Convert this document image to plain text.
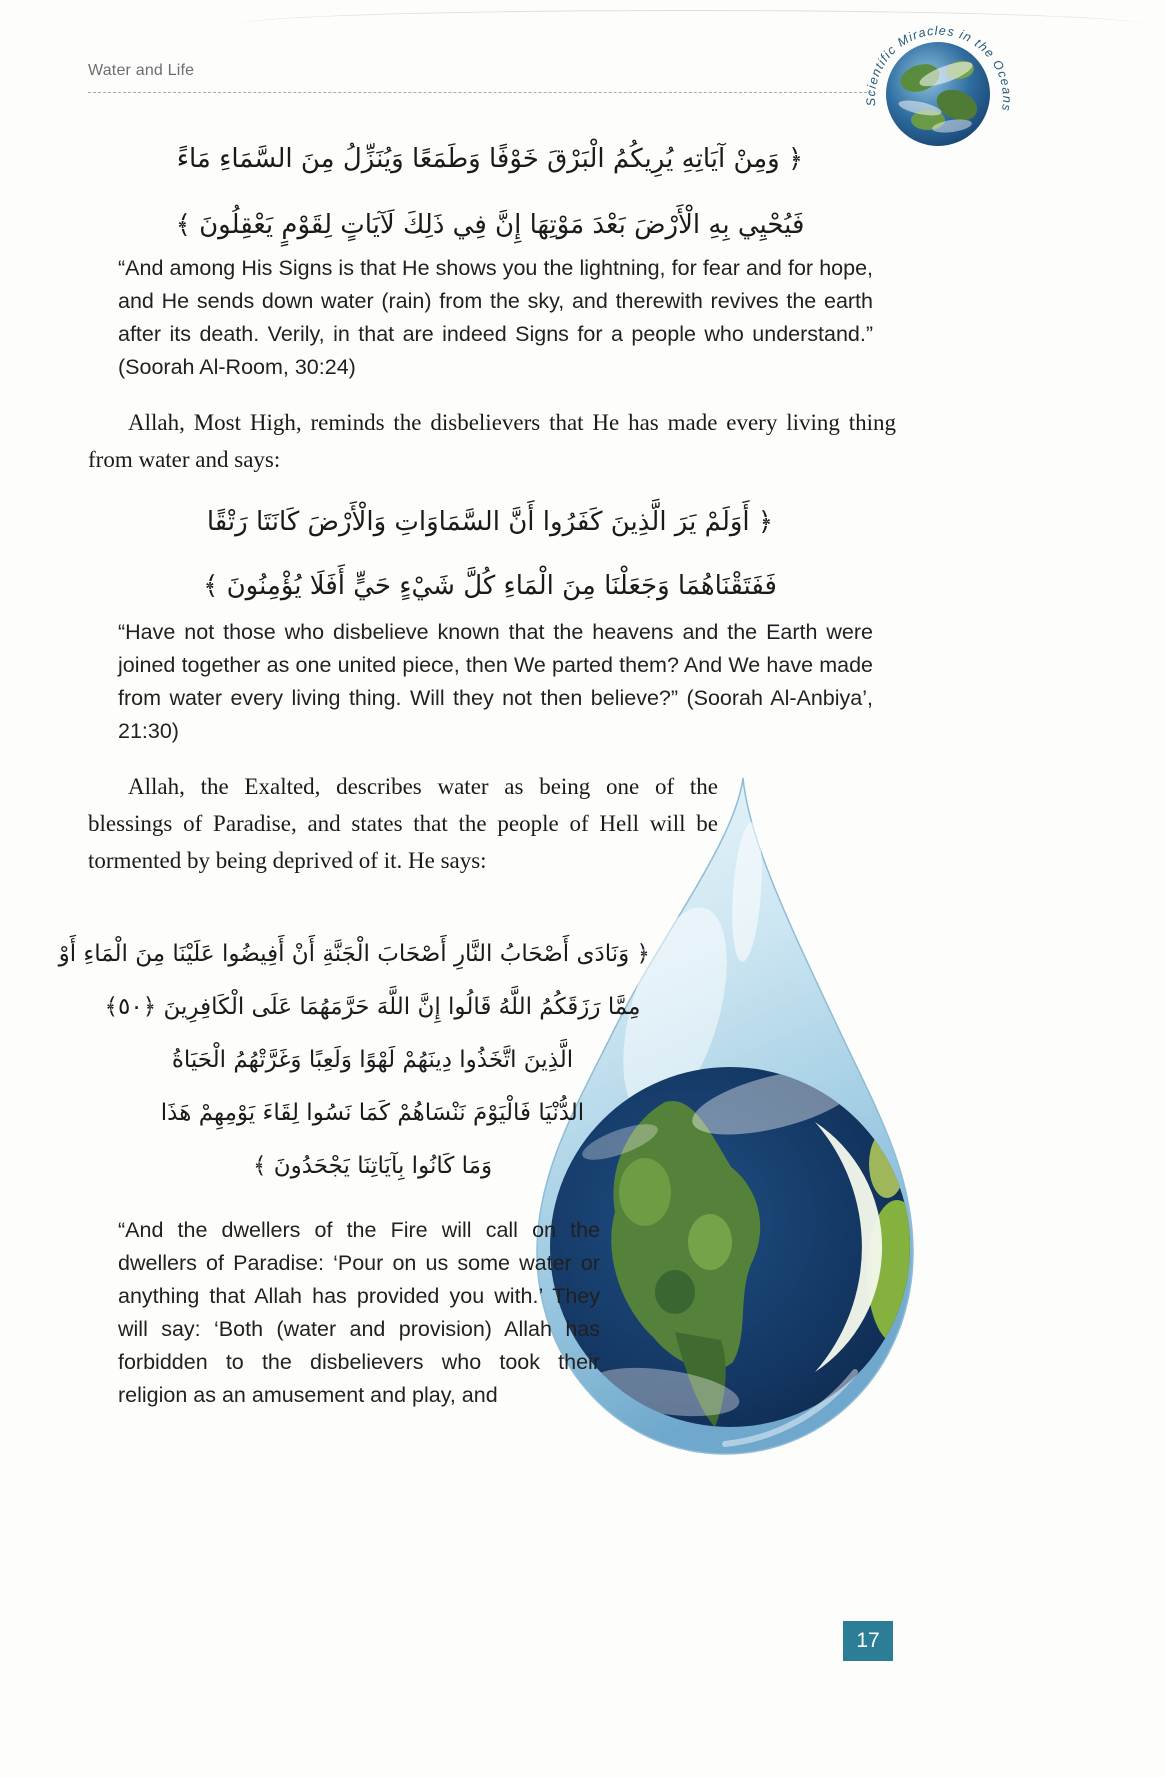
Water and Life
Scientific Miracles in the Oceans
﴿ وَمِنْ آيَاتِهِ يُرِيكُمُ الْبَرْقَ خَوْفًا وَطَمَعًا وَيُنَزِّلُ مِنَ السَّمَاءِ مَاءً
فَيُحْيِي بِهِ الْأَرْضَ بَعْدَ مَوْتِهَا إِنَّ فِي ذَلِكَ لَآيَاتٍ لِقَوْمٍ يَعْقِلُونَ ﴾

“And among His Signs is that He shows you the lightning, for fear and for hope, and He sends down water (rain) from the sky, and therewith revives the earth after its death. Verily, in that are indeed Signs for a people who understand.” (Soorah Al-Room, 30:24)

Allah, Most High, reminds the disbelievers that He has made every living thing from water and says:

﴿ أَوَلَمْ يَرَ الَّذِينَ كَفَرُوا أَنَّ السَّمَاوَاتِ وَالْأَرْضَ كَانَتَا رَتْقًا
فَفَتَقْنَاهُمَا وَجَعَلْنَا مِنَ الْمَاءِ كُلَّ شَيْءٍ حَيٍّ أَفَلَا يُؤْمِنُونَ ﴾

“Have not those who disbelieve known that the heavens and the Earth were joined together as one united piece, then We parted them? And We have made from water every living thing. Will they not then believe?” (Soorah Al-Anbiya’, 21:30)

Allah, the Exalted, describes water as being one of the blessings of Paradise, and states that the people of Hell will be tormented by being deprived of it. He says:

﴿ وَنَادَى أَصْحَابُ النَّارِ أَصْحَابَ الْجَنَّةِ أَنْ أَفِيضُوا عَلَيْنَا مِنَ الْمَاءِ أَوْ
مِمَّا رَزَقَكُمُ اللَّهُ قَالُوا إِنَّ اللَّهَ حَرَّمَهُمَا عَلَى الْكَافِرِينَ ﴿٥٠﴾
الَّذِينَ اتَّخَذُوا دِينَهُمْ لَهْوًا وَلَعِبًا وَغَرَّتْهُمُ الْحَيَاةُ
الدُّنْيَا فَالْيَوْمَ نَنْسَاهُمْ كَمَا نَسُوا لِقَاءَ يَوْمِهِمْ هَذَا
وَمَا كَانُوا بِآيَاتِنَا يَجْحَدُونَ ﴾

“And the dwellers of the Fire will call on the dwellers of Paradise: ‘Pour on us some water or anything that Allah has provided you with.’ They will say: ‘Both (water and provision) Allah has forbidden to the disbelievers who took their religion as an amusement and play, and

17
